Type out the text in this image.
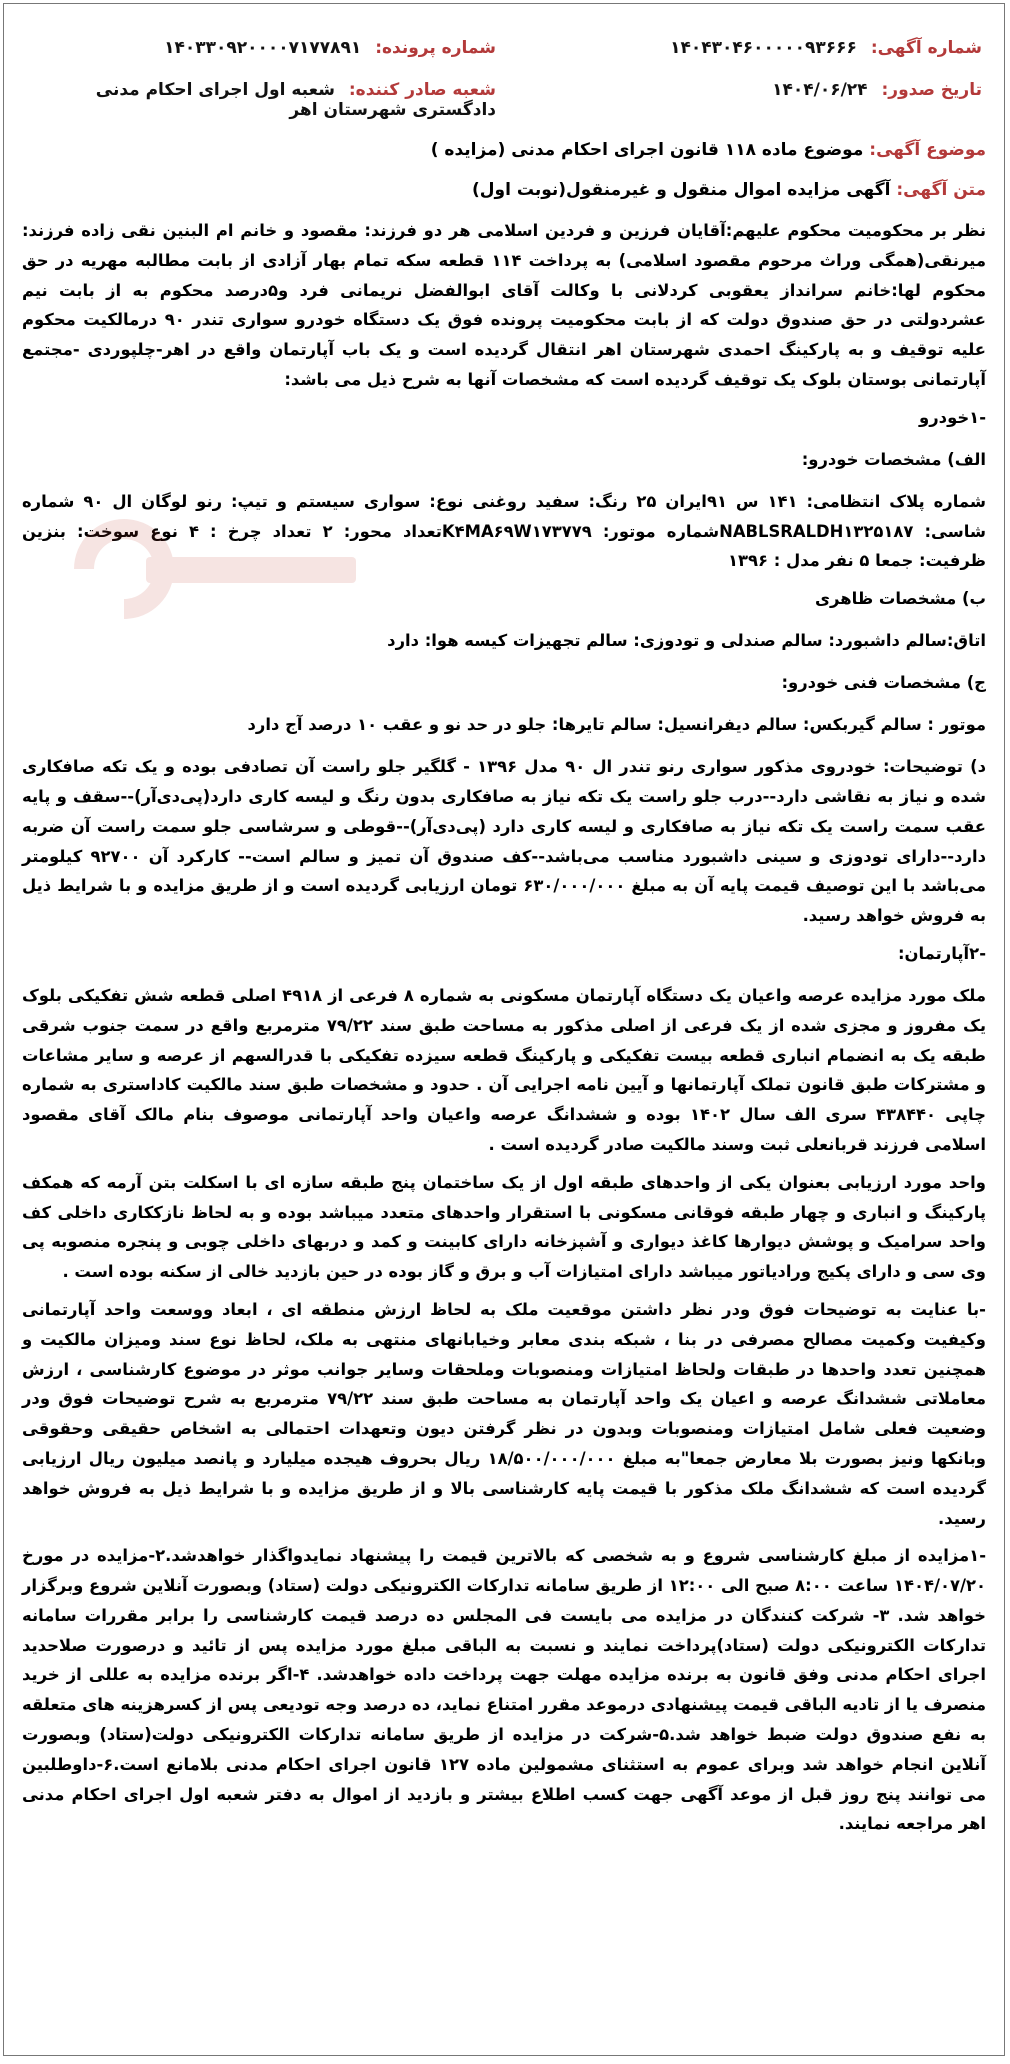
شماره آگهی: ۱۴۰۴۳۰۴۶۰۰۰۰۰۹۳۶۶۶
شماره پرونده: ۱۴۰۳۳۰۹۲۰۰۰۰۷۱۷۷۸۹۱
تاریخ صدور: ۱۴۰۴/۰۶/۲۴
شعبه صادر کننده: شعبه اول اجرای احکام مدنی دادگستری شهرستان اهر
موضوع آگهی: موضوع ماده ۱۱۸ قانون اجرای احکام مدنی (مزایده )
متن آگهی: آگهی مزایده اموال منقول و غیرمنقول(نوبت اول)

نظر بر محکومیت محکوم علیهم:آقایان فرزین و فردین اسلامی هر دو فرزند: مقصود و خانم ام البنین نقی زاده فرزند: میرنقی(همگی وراث مرحوم مقصود اسلامی) به پرداخت ۱۱۴ قطعه سکه تمام بهار آزادی از بابت مطالبه مهریه در حق محکوم لها:خانم سرانداز یعقوبی کردلانی با وکالت آقای ابوالفضل نریمانی فرد و۵درصد محکوم به از بابت نیم عشردولتی در حق صندوق دولت که از بابت محکومیت پرونده فوق یک دستگاه خودرو سواری تندر ۹۰ درمالکیت محکوم علیه توقیف و به پارکینگ احمدی شهرستان اهر انتقال گردیده است و یک باب آپارتمان واقع در اهر-چلپوردی -مجتمع آپارتمانی بوستان بلوک یک توقیف گردیده است که مشخصات آنها به شرح ذیل می باشد:

-۱خودرو
الف) مشخصات خودرو:

شماره پلاک انتظامی: ۱۴۱ س ۹۱ایران ۲۵ رنگ: سفید روغنی نوع: سواری سیستم و تیپ: رنو لوگان ال ۹۰ شماره شاسی: NABLSRALDH۱۳۲۵۱۸۷شماره موتور: K۴MA۶۹W۱۷۳۷۷۹تعداد محور: ۲ تعداد چرخ : ۴ نوع سوخت: بنزین ظرفیت: جمعا ۵ نفر مدل : ۱۳۹۶

ب) مشخصات ظاهری
اتاق:سالم داشبورد: سالم صندلی و تودوزی: سالم تجهیزات کیسه هوا: دارد
ج) مشخصات فنی خودرو:
موتور : سالم گیربکس: سالم دیفرانسیل: سالم تایرها: جلو در حد نو و عقب ۱۰ درصد آج دارد

د) توضیحات: خودروی مذکور سواری رنو تندر ال ۹۰ مدل ۱۳۹۶ - گلگیر جلو راست آن تصادفی بوده و یک تکه صافکاری شده و نیاز به نقاشی دارد--درب جلو راست یک تکه نیاز به صافکاری بدون رنگ و لیسه کاری دارد(پی‌دی‌آر)--سقف و پایه عقب سمت راست یک تکه نیاز به صافکاری و لیسه کاری دارد (پی‌دی‌آر)--قوطی و سرشاسی جلو سمت راست آن ضربه دارد--دارای تودوزی و سینی داشبورد مناسب می‌باشد--کف صندوق آن تمیز و سالم است-- کارکرد آن ۹۲۷۰۰ کیلومتر می‌باشد با این توصیف قیمت پایه آن به مبلغ ۶۳۰/۰۰۰/۰۰۰ تومان ارزیابی گردیده است و از طریق مزایده و با شرایط ذیل به فروش خواهد رسید.

-۲آپارتمان:

ملک مورد مزایده عرصه واعیان یک دستگاه آپارتمان مسکونی به شماره ۸ فرعی از ۴۹۱۸ اصلی قطعه شش تفکیکی بلوک یک مفروز و مجزی شده از یک فرعی از اصلی مذکور به مساحت طبق سند ۷۹/۲۲ مترمربع واقع در سمت جنوب شرقی طبقه یک به انضمام انباری قطعه بیست تفکیکی و پارکینگ قطعه سیزده تفکیکی با قدرالسهم از عرصه و سایر مشاعات و مشترکات طبق قانون تملک آپارتمانها و آیین نامه اجرایی آن . حدود و مشخصات طبق سند مالکیت کاداستری به شماره چاپی ۴۳۸۴۴۰ سری الف سال ۱۴۰۲ بوده و ششدانگ عرصه واعیان واحد آپارتمانی موصوف بنام مالک آقای مقصود اسلامی فرزند قربانعلی ثبت وسند مالکیت صادر گردیده است .

واحد مورد ارزیابی بعنوان یکی از واحدهای طبقه اول از یک ساختمان پنج طبقه سازه ای با اسکلت بتن آرمه که همکف پارکینگ و انباری و چهار طبقه فوقانی مسکونی با استقرار واحدهای متعدد میباشد بوده و به لحاظ نازککاری داخلی کف واحد سرامیک و پوشش دیوارها کاغذ دیواری و آشپزخانه دارای کابینت و کمد و دربهای داخلی چوبی و پنجره منصوبه پی وی سی و دارای پکیج ورادیاتور میباشد دارای امتیازات آب و برق و گاز بوده در حین بازدید خالی از سکنه بوده است .

-با عنایت به توضیحات فوق ودر نظر داشتن موقعیت ملک به لحاظ ارزش منطقه ای ، ابعاد ووسعت واحد آپارتمانی وکیفیت وکمیت مصالح مصرفی در بنا ، شبکه بندی معابر وخیابانهای منتهی به ملک، لحاظ نوع سند ومیزان مالکیت و همچنین تعدد واحدها در طبقات ولحاظ امتیازات ومنصوبات وملحقات وسایر جوانب موثر در موضوع کارشناسی ، ارزش معاملاتی ششدانگ عرصه و اعیان یک واحد آپارتمان به مساحت طبق سند ۷۹/۲۲ مترمربع به شرح توضیحات فوق ودر وضعیت فعلی شامل امتیازات ومنصوبات وبدون در نظر گرفتن دیون وتعهدات احتمالی به اشخاص حقیقی وحقوقی وبانکها ونیز بصورت بلا معارض جمعا"به مبلغ ۱۸/۵۰۰/۰۰۰/۰۰۰ ریال بحروف هیجده میلیارد و پانصد میلیون ریال ارزیابی گردیده است که ششدانگ ملک مذکور با قیمت پایه کارشناسی بالا و از طریق مزایده و با شرایط ذیل به فروش خواهد رسید.

-۱مزایده از مبلغ کارشناسی شروع و به شخصی که بالاترین قیمت را پیشنهاد نمایدواگذار خواهدشد.۲-مزایده در مورخ ۱۴۰۴/۰۷/۲۰ ساعت ۸:۰۰ صبح الی ۱۲:۰۰ از طریق سامانه تدارکات الکترونیکی دولت (ستاد) وبصورت آنلاین شروع وبرگزار خواهد شد. ۳- شرکت کنندگان در مزایده می بایست فی المجلس ده درصد قیمت کارشناسی را برابر مقررات سامانه تدارکات الکترونیکی دولت (ستاد)پرداخت نمایند و نسبت به الباقی مبلغ مورد مزایده پس از تائید و درصورت صلاحدید اجرای احکام مدنی وفق قانون به برنده مزایده مهلت جهت پرداخت داده خواهدشد. ۴-اگر برنده مزایده به عللی از خرید منصرف یا از تادیه الباقی قیمت پیشنهادی درموعد مقرر امتناع نماید، ده درصد وجه تودیعی پس از کسرهزینه های متعلقه به نفع صندوق دولت ضبط خواهد شد.۵-شرکت در مزایده از طریق سامانه تدارکات الکترونیکی دولت(ستاد) وبصورت آنلاین انجام خواهد شد وبرای عموم به استثنای مشمولین ماده ۱۲۷ قانون اجرای احکام مدنی بلامانع است.۶-داوطلبین می توانند پنج روز قبل از موعد آگهی جهت کسب اطلاع بیشتر و بازدید از اموال به دفتر شعبه اول اجرای احکام مدنی اهر مراجعه نمایند.
